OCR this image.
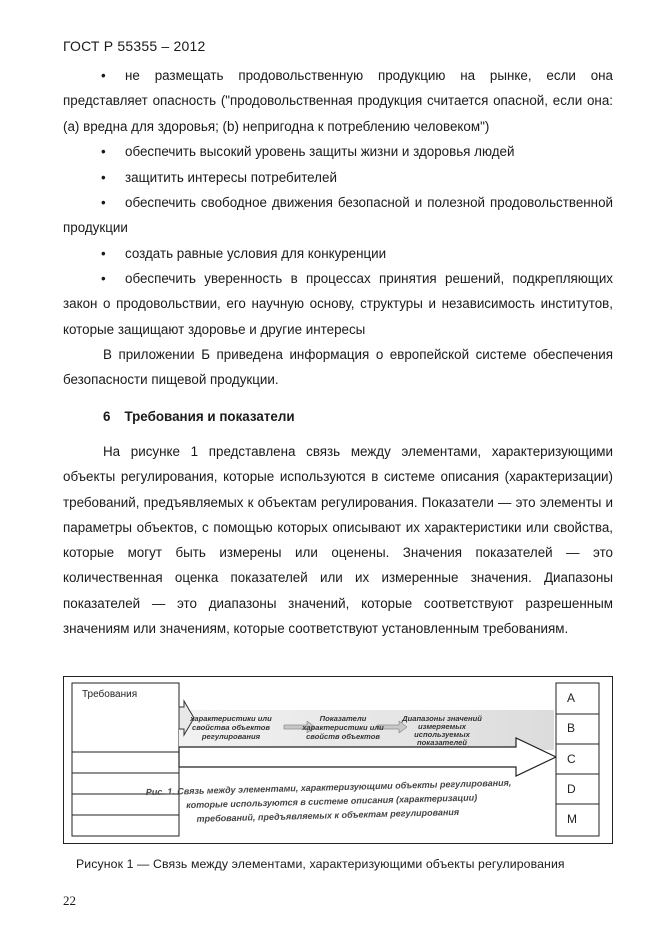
ГОСТ Р 55355 – 2012

• не размещать продовольственную продукцию на рынке, если она представляет опасность ("продовольственная продукция считается опасной, если она: (a) вредна для здоровья; (b) непригодна к потреблению человеком")

• обеспечить высокий уровень защиты жизни и здоровья людей

• защитить интересы потребителей

• обеспечить свободное движения безопасной и полезной продовольственной продукции

• создать равные условия для конкуренции

• обеспечить уверенность в процессах принятия решений, подкрепляющих закон о продовольствии, его научную основу, структуры и независимость институтов, которые защищают здоровье и другие интересы

В приложении Б приведена информация о европейской системе обеспечения безопасности пищевой продукции.

6 Требования и показатели

На рисунке 1 представлена связь между элементами, характеризующими объекты регулирования, которые используются в системе описания (характеризации) требований, предъявляемых к объектам регулирования. Показатели — это элементы и параметры объектов, с помощью которых описывают их характеристики или свойства, которые могут быть измерены или оценены. Значения показателей — это количественная оценка показателей или их измеренные значения. Диапазоны показателей — это диапазоны значений, которые соответствуют разрешенным значениям или значениям, которые соответствуют установленным требованиям.

Требования
характеристики или
свойства объектов
регулирования
Показатели
характеристики или
свойств объектов
Диапазоны значений
измеряемых
используемых
показателей
A
B
C
D
M
Рис. 1. Связь между элементами, характеризующими объекты регулирования,
которые используются в системе описания (характеризации)
требований, предъявляемых к объектам регулирования
Рисунок 1 — Связь между элементами, характеризующими объекты регулирования
22
